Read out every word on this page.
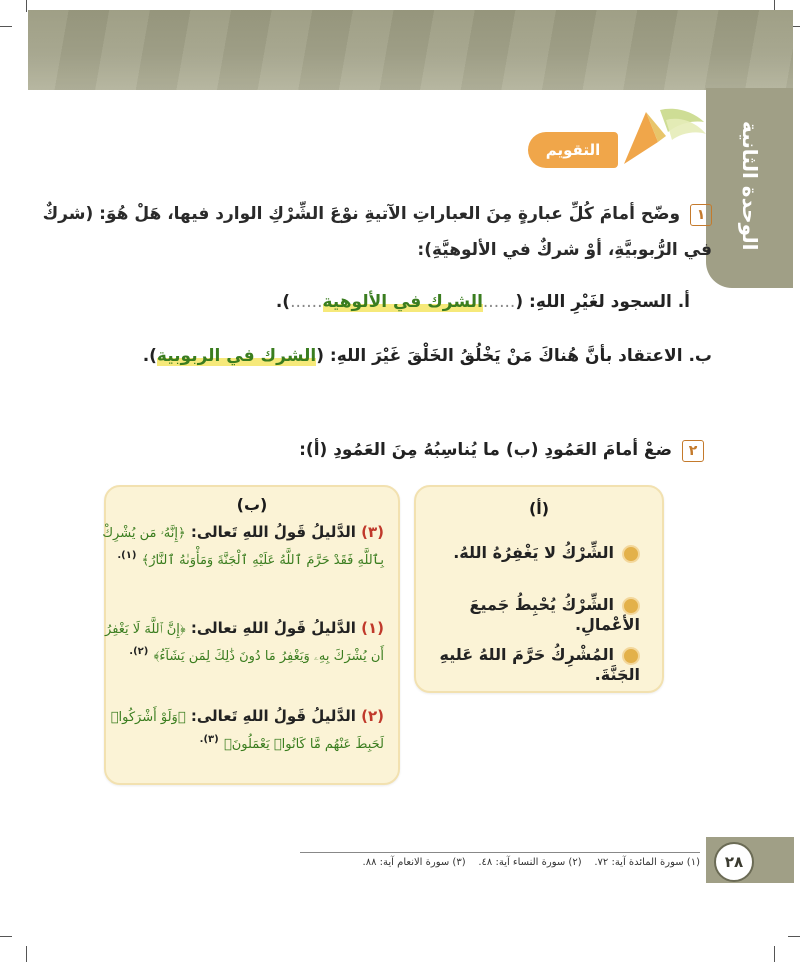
الوحدة الثانية
التقويم
١ وضّح أمامَ كُلِّ عبارةٍ مِنَ العباراتِ الآتيةِ نوْعَ الشِّرْكِ الوارد فيها، هَلْ هُوَ: (شركٌ في الرُّبوبيَّةِ، أوْ شركٌ في الألوهيَّةِ):
أ. السجود لغَيْرِ اللهِ: (......الشرك في الألوهية......).
ب. الاعتقاد بأنَّ هُناكَ مَنْ يَخْلُقُ الخَلْقَ غَيْرَ اللهِ: (الشرك في الربوبية).
٢ ضعْ أمامَ العَمُودِ (ب) ما يُناسِبُهُ مِنَ العَمُودِ (أ):
(أ)
الشِّرْكُ لا يَغْفِرُهُ اللهُ.
الشِّرْكُ يُحْبِطُ جَميعَ الأعْمالِ.
المُشْرِكُ حَرَّمَ اللهُ عَليهِ الجَنَّةَ.
(ب)
(٣) الدَّليلُ قَولُ اللهِ تَعالى: ﴿إِنَّهُۥ مَن يُشْرِكْ بِٱللَّهِ فَقَدْ حَرَّمَ ٱللَّهُ عَلَيْهِ ٱلْجَنَّةَ وَمَأْوَىٰهُ ٱلنَّارُ﴾ $^{(١).}$
(١) الدَّليلُ قَولُ اللهِ تعالى: ﴿إِنَّ ٱللَّهَ لَا يَغْفِرُ أَن يُشْرَكَ بِهِۦ وَيَغْفِرُ مَا دُونَ ذَٰلِكَ لِمَن يَشَآءُ﴾ $^{(٢).}$
(٢) الدَّليلُ قَولُ اللهِ تَعالى: ﴿وَلَوْ أَشْرَكُوا۟ لَحَبِطَ عَنْهُم مَّا كَانُوا۟ يَعْمَلُونَ﴾ $^{(٣).}$
٢٨
(١) سورة المائدة آية: ٧٢.    (٢) سورة النساء آية: ٤٨.    (٣) سورة الانعام آية: ٨٨.
